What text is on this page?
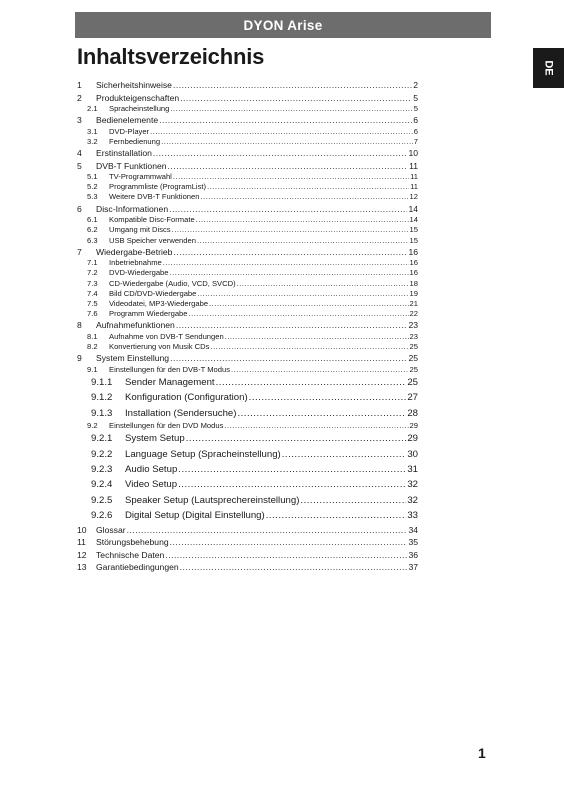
DYON Arise
DE
Inhaltsverzeichnis
1	Sicherheitshinweise .....	2
2	Produkteigenschaften .....	5
2.1	Spracheinstellung .....	5
3	Bedienelemente .....	6
3.1	DVD-Player .....	6
3.2	Fernbedienung .....	7
4	Erstinstallation .....	10
5	DVB-T Funktionen .....	11
5.1	TV-Programmwahl .....	11
5.2	Programmliste (ProgramList) .....	11
5.3	Weitere DVB-T Funktionen .....	12
6	Disc-Informationen .....	14
6.1	Kompatible Disc-Formate .....	14
6.2	Umgang mit Discs .....	15
6.3	USB Speicher verwenden .....	15
7	Wiedergabe-Betrieb .....	16
7.1	Inbetriebnahme .....	16
7.2	DVD-Wiedergabe .....	16
7.3	CD-Wiedergabe (Audio, VCD, SVCD) .....	18
7.4	Bild CD/DVD-Wiedergabe .....	19
7.5	Videodatei, MP3-Wiedergabe .....	21
7.6	Programm Wiedergabe .....	22
8	Aufnahmefunktionen .....	23
8.1	Aufnahme von DVB-T Sendungen .....	23
8.2	Konvertierung von Musik CDs .....	25
9	System Einstellung .....	25
9.1	Einstellungen für den DVB-T Modus .....	25
9.1.1	Sender Management .....	25
9.1.2	Konfiguration (Configuration) .....	27
9.1.3	Installation (Sendersuche) .....	28
9.2	Einstellungen für den DVD Modus .....	29
9.2.1	System Setup .....	29
9.2.2	Language Setup (Spracheinstellung) .....	30
9.2.3	Audio Setup .....	31
9.2.4	Video Setup .....	32
9.2.5	Speaker Setup (Lautsprechereinstellung) .....	32
9.2.6	Digital Setup (Digital Einstellung) .....	33
10	Glossar .....	34
11	Störungsbehebung .....	35
12	Technische Daten .....	36
13	Garantiebedingungen .....	37
1
